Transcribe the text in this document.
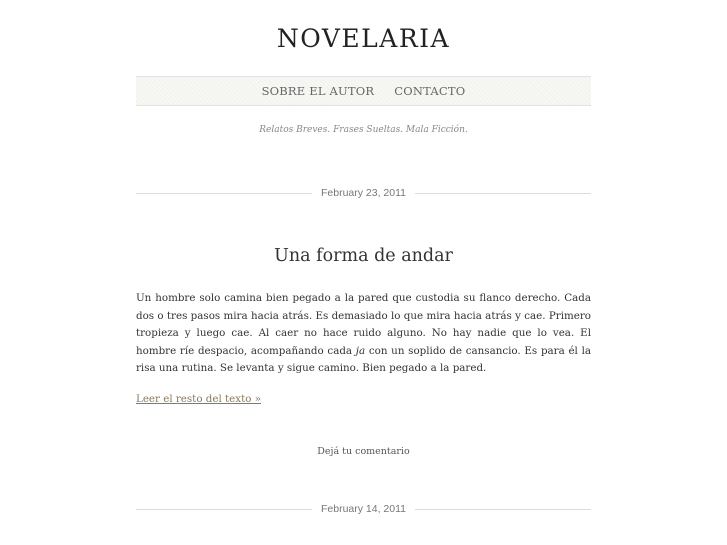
NOVELARIA
SOBRE EL AUTOR CONTACTO
Relatos Breves. Frases Sueltas. Mala Ficción.
February 23, 2011
Una forma de andar

Un hombre solo camina bien pegado a la pared que custodia su flanco derecho. Cada dos o tres pasos mira hacia atrás. Es demasiado lo que mira hacia atrás y cae. Primero tropieza y luego cae. Al caer no hace ruido alguno. No hay nadie que lo vea. El hombre ríe despacio, acompañando cada ja con un soplido de cansancio. Es para él la risa una rutina. Se levanta y sigue camino. Bien pegado a la pared.

Leer el resto del texto »
Dejá tu comentario
February 14, 2011
